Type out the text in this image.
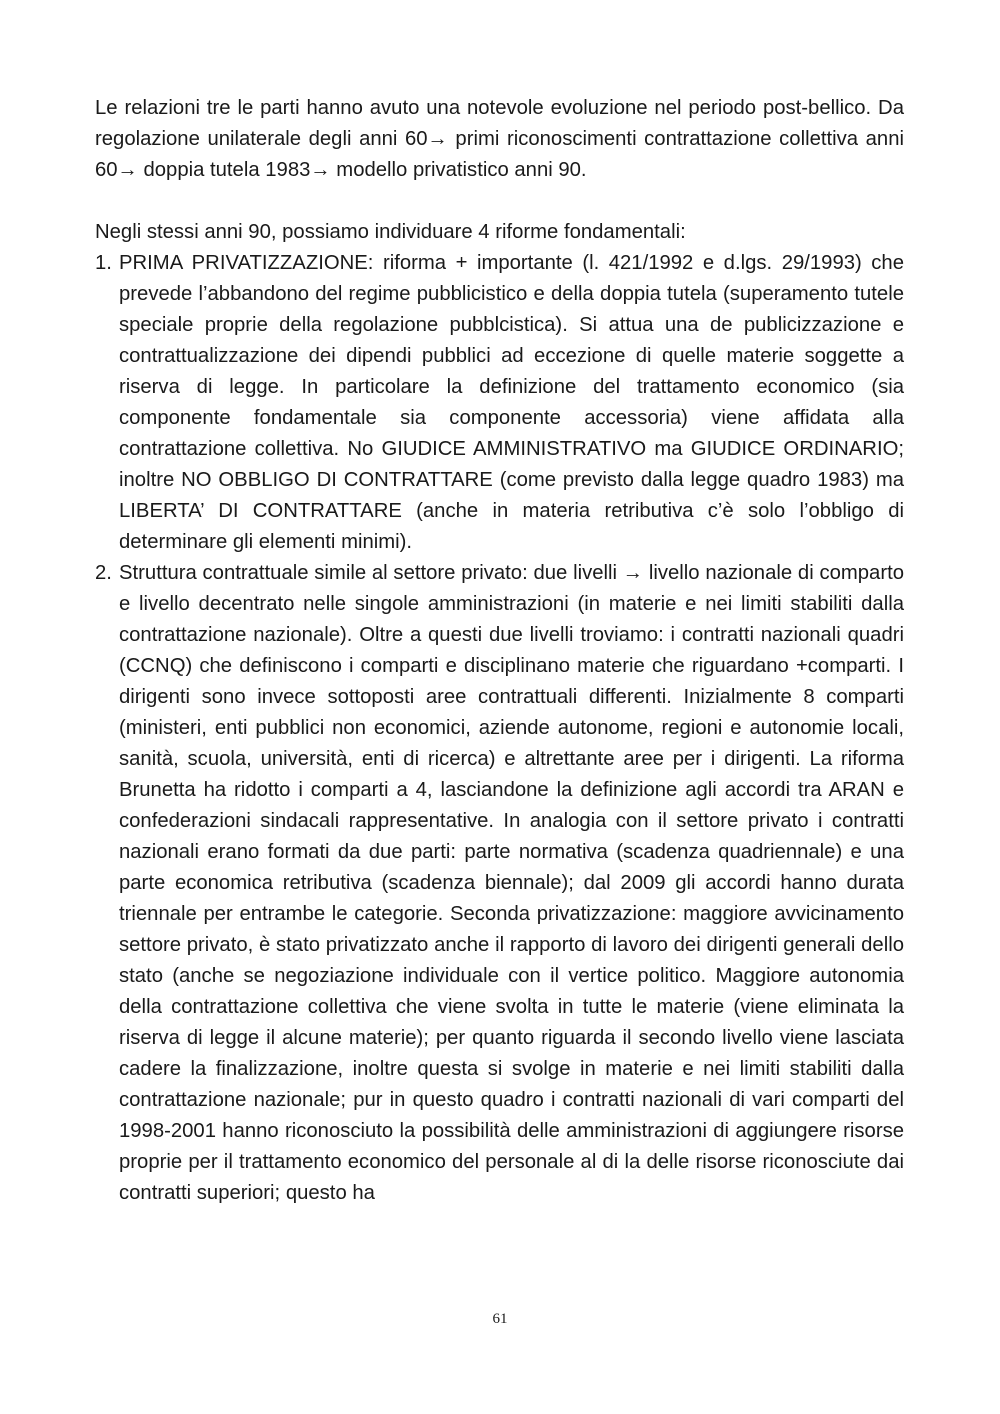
Le relazioni tre le parti hanno avuto una notevole evoluzione nel periodo post-bellico. Da regolazione unilaterale degli anni 60→ primi riconoscimenti contrattazione collettiva anni 60→ doppia tutela 1983→ modello privatistico anni 90.

Negli stessi anni 90, possiamo individuare 4 riforme fondamentali:

1. PRIMA PRIVATIZZAZIONE: riforma + importante (l. 421/1992 e d.lgs. 29/1993) che prevede l’abbandono del regime pubblicistico e della doppia tutela (superamento tutele speciale proprie della regolazione pubblcistica). Si attua una de publicizzazione e contrattualizzazione dei dipendi pubblici ad eccezione di quelle materie soggette a riserva di legge. In particolare la definizione del trattamento economico (sia componente fondamentale sia componente accessoria) viene affidata alla contrattazione collettiva. No GIUDICE AMMINISTRATIVO ma GIUDICE ORDINARIO; inoltre NO OBBLIGO DI CONTRATTARE (come previsto dalla legge quadro 1983) ma LIBERTA’ DI CONTRATTARE (anche in materia retributiva c’è solo l’obbligo di determinare gli elementi minimi).
2. Struttura contrattuale simile al settore privato: due livelli → livello nazionale di comparto e livello decentrato nelle singole amministrazioni (in materie e nei limiti stabiliti dalla contrattazione nazionale). Oltre a questi due livelli troviamo: i contratti nazionali quadri (CCNQ) che definiscono i comparti e disciplinano materie che riguardano +comparti. I dirigenti sono invece sottoposti aree contrattuali differenti. Inizialmente 8 comparti (ministeri, enti pubblici non economici, aziende autonome, regioni e autonomie locali, sanità, scuola, università, enti di ricerca) e altrettante aree per i dirigenti. La riforma Brunetta ha ridotto i comparti a 4, lasciandone la definizione agli accordi tra ARAN e confederazioni sindacali rappresentative. In analogia con il settore privato i contratti nazionali erano formati da due parti: parte normativa (scadenza quadriennale) e una parte economica retributiva (scadenza biennale); dal 2009 gli accordi hanno durata triennale per entrambe le categorie. Seconda privatizzazione: maggiore avvicinamento settore privato, è stato privatizzato anche il rapporto di lavoro dei dirigenti generali dello stato (anche se negoziazione individuale con il vertice politico. Maggiore autonomia della contrattazione collettiva che viene svolta in tutte le materie (viene eliminata la riserva di legge il alcune materie); per quanto riguarda il secondo livello viene lasciata cadere la finalizzazione, inoltre questa si svolge in materie e nei limiti stabiliti dalla contrattazione nazionale; pur in questo quadro i contratti nazionali di vari comparti del 1998-2001 hanno riconosciuto la possibilità delle amministrazioni di aggiungere risorse proprie per il trattamento economico del personale al di la delle risorse riconosciute dai contratti superiori; questo ha
61
